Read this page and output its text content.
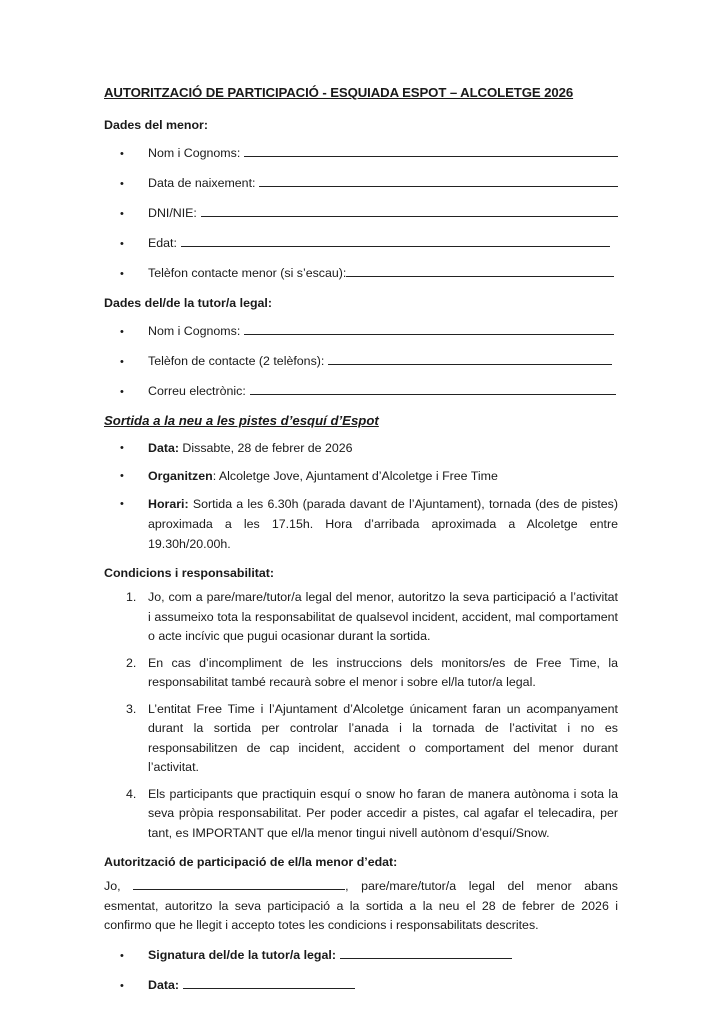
AUTORITZACIÓ DE PARTICIPACIÓ - ESQUIADA ESPOT – ALCOLETGE 2026
Dades del menor:
•	Nom i Cognoms:
•	Data de naixement:
•	DNI/NIE:
•	Edat:
•	Telèfon contacte menor (si s’escau):
Dades del/de la tutor/a legal:
•	Nom i Cognoms:
•	Telèfon de contacte (2 telèfons):
•	Correu electrònic:
Sortida a la neu a les pistes d’esquí d’Espot
•	Data: Dissabte, 28 de febrer de 2026
•	Organitzen: Alcoletge Jove, Ajuntament d’Alcoletge i Free Time
•	Horari: Sortida a les 6.30h (parada davant de l’Ajuntament), tornada (des de pistes) aproximada a les 17.15h. Hora d’arribada aproximada a Alcoletge entre 19.30h/20.00h.
Condicions i responsabilitat:
1. Jo, com a pare/mare/tutor/a legal del menor, autoritzo la seva participació a l’activitat i assumeixo tota la responsabilitat de qualsevol incident, accident, mal comportament o acte incívic que pugui ocasionar durant la sortida.
2. En cas d’incompliment de les instruccions dels monitors/es de Free Time, la responsabilitat també recaurà sobre el menor i sobre el/la tutor/a legal.
3. L’entitat Free Time i l’Ajuntament d’Alcoletge únicament faran un acompanyament durant la sortida per controlar l’anada i la tornada de l’activitat i no es responsabilitzen de cap incident, accident o comportament del menor durant l’activitat.
4. Els participants que practiquin esquí o snow ho faran de manera autònoma i sota la seva pròpia responsabilitat. Per poder accedir a pistes, cal agafar el telecadira, per tant, es IMPORTANT que el/la menor tingui nivell autònom d’esquí/Snow.
Autorització de participació de el/la menor d’edat:
Jo,	, pare/mare/tutor/a legal del menor abans esmentat, autoritzo la seva participació a la sortida a la neu el 28 de febrer de 2026 i confirmo que he llegit i accepto totes les condicions i responsabilitats descrites.
•	Signatura del/de la tutor/a legal:
•	Data:
